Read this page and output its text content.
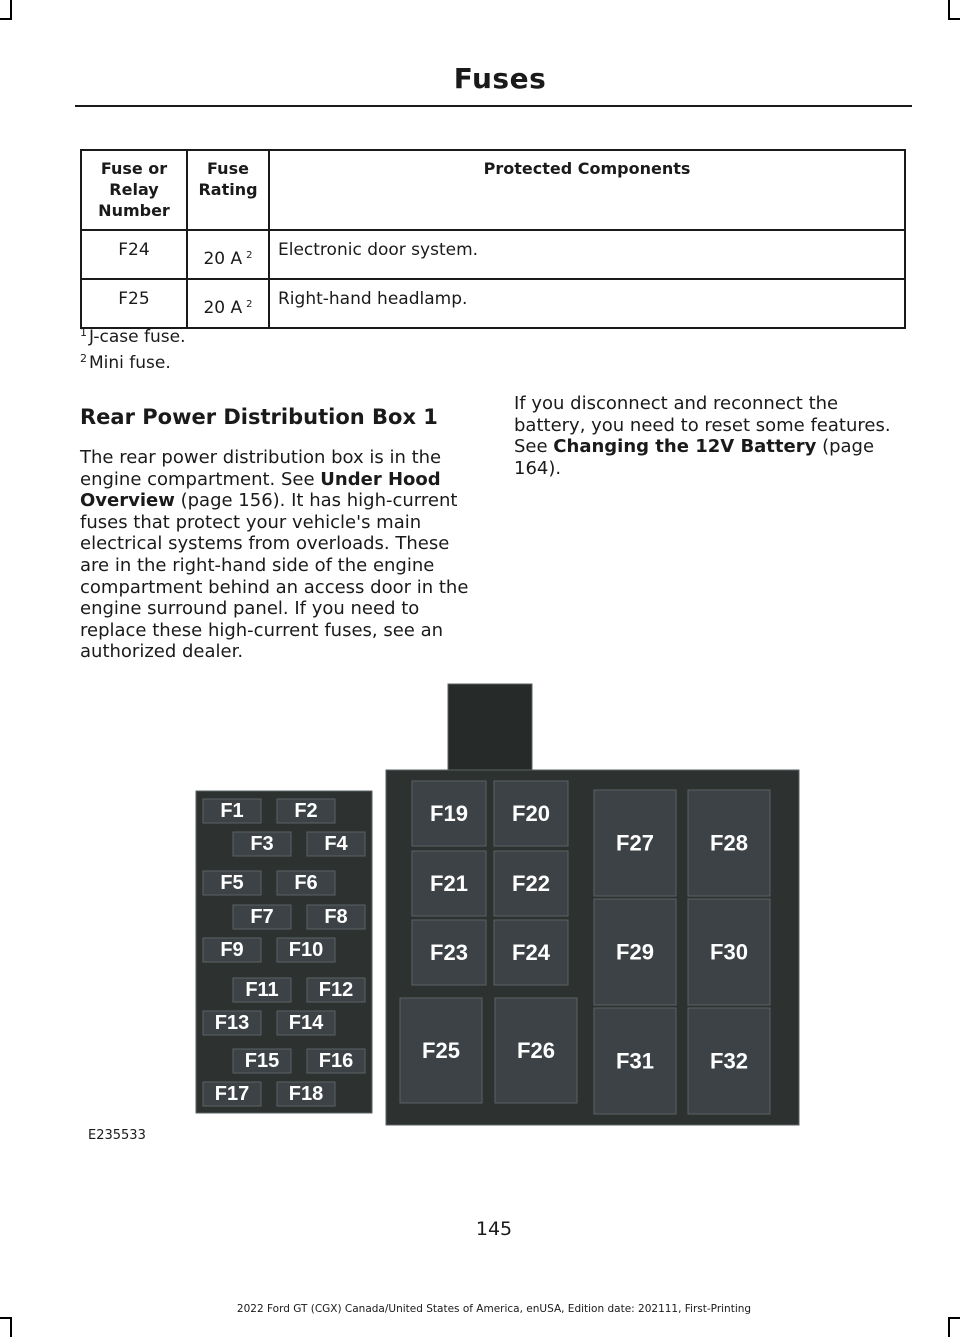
Fuses
Fuse or Relay Number	Fuse Rating	Protected Components
F24	20 A $^2$	Electronic door system.
F25	20 A $^2$	Right-hand headlamp.
$^1$ J-case fuse.
$^2$ Mini fuse.
Rear Power Distribution Box 1
The rear power distribution box is in the engine compartment. See Under Hood Overview (page 156). It has high-current fuses that protect your vehicle's main electrical systems from overloads. These are in the right-hand side of the engine compartment behind an access door in the engine surround panel. If you need to replace these high-current fuses, see an authorized dealer.
If you disconnect and reconnect the battery, you need to reset some features. See Changing the 12V Battery (page 164).
F1	F2
F3	F4
F5	F6
F7	F8
F9 F10
F11 F12
F13 F14
F15 F16
F17 F18
F19 F20
F21 F22
F23 F24
F25	F26
F27	F28
F29	F30
F31	F32
E235533
145
2022 Ford GT (CGX) Canada/United States of America, enUSA, Edition date: 202111, First-Printing
